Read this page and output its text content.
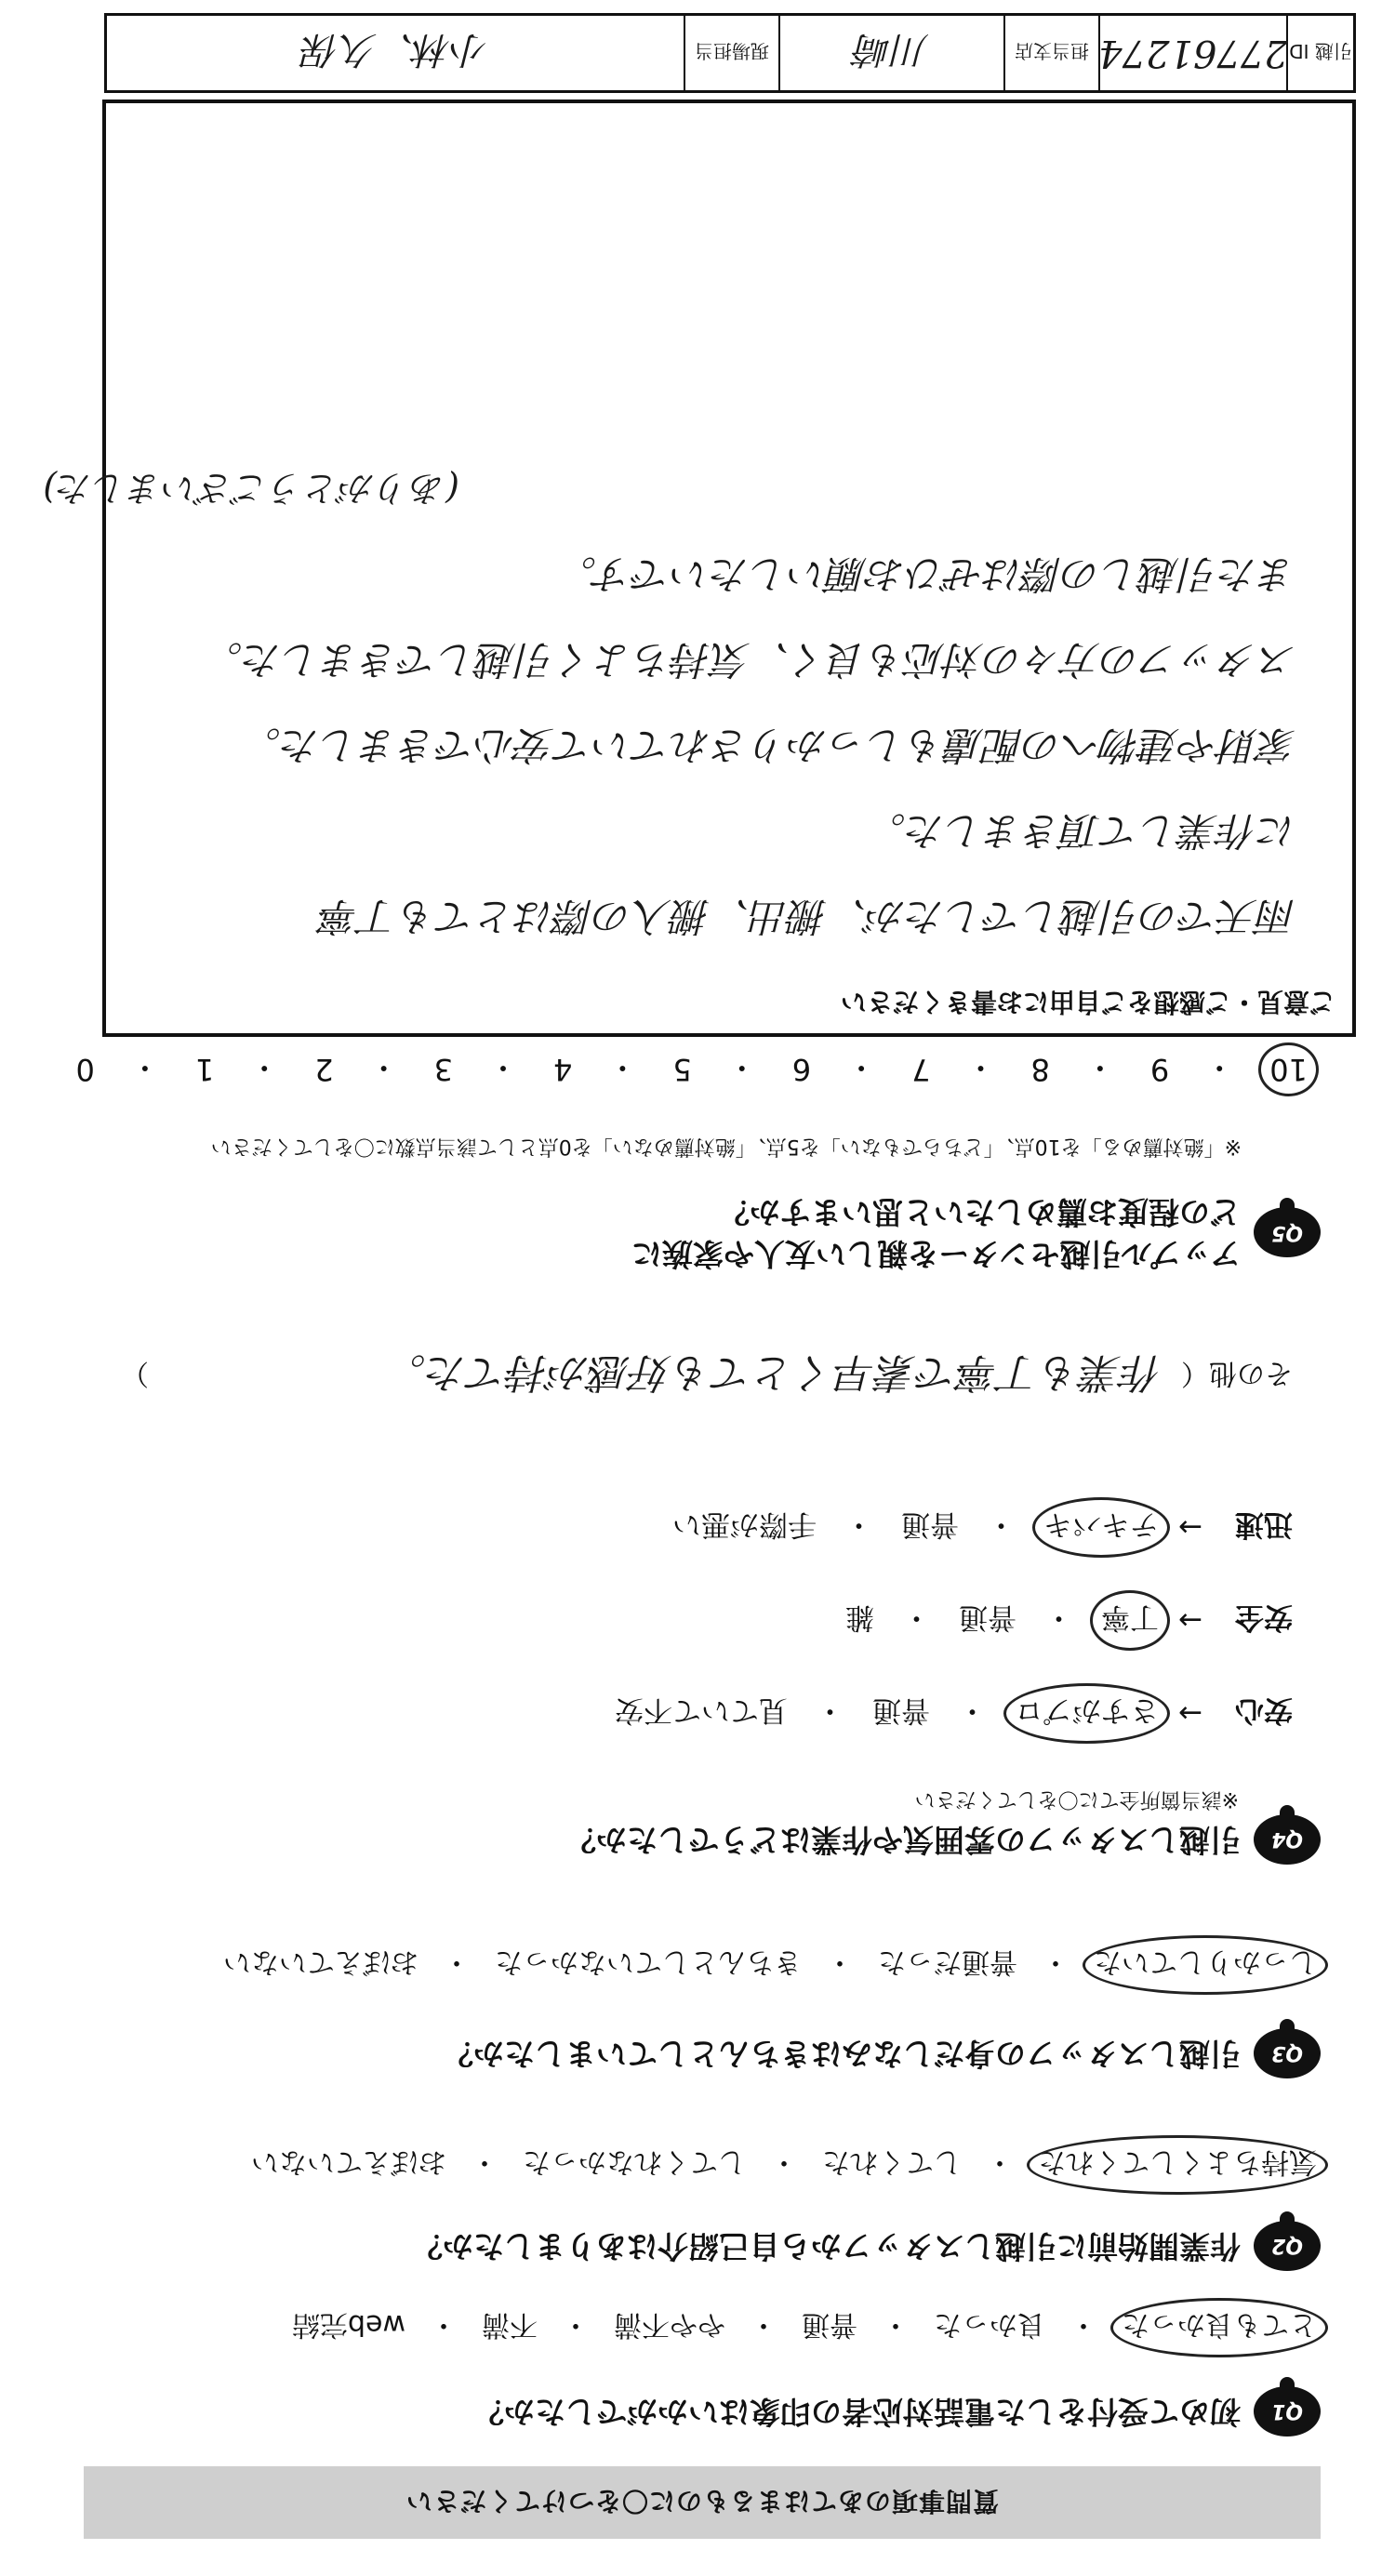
質問事項のあてはまるものに〇をつけてください
Q1
初めて受付をした電話対応者の印象はいかがでしたか？
とても良かった
・
良かった
・
普通
・
やや不満
・
不満
・
web完結
Q2
作業開始前に引越しスタッフから自己紹介はありましたか？
気持ちよくしてくれた
・
してくれた
・
してくれなかった
・
おぼえていない
Q3
引越しスタッフの身だしなみはきちんとしていましたか？
しっかりしていた
・
普通だった
・
きちんとしていなかった
・
おぼえていない
Q4
引越しスタッフの雰囲気や作業はどうでしたか？
※該当箇所全てに〇をしてください
安心
→
さすがプロ
・
普通
・
見ていて不安
安全
→
丁寧
・
普通
・
雑
迅速
→
テキパキ
・
普通
・
手際が悪い
その他（
作業も丁寧で素早くとても好感が持てた。
）
Q5
アップル引越センターを親しい友人や家族に
どの程度お薦めしたいと思いますか？
※「絶対薦める」を10点、「どちらでもない」を5点、「絶対薦めない」を0点として該当点数に〇をしてください
10
・
9
・
8
・
7
・
6
・
5
・
4
・
3
・
2
・
1
・
0
ご意見・ご感想をご自由にお書きください
雨天での引越しでしたが、搬出、搬入の際はとても丁寧
に作業して頂きました。
家財や建物への配慮もしっかりされていて安心できました。
スタッフの方々の対応も良く、気持ちよく引越しできました。
また引越しの際はぜひお願いしたいです。
(ありがとうございました)
引越 ID
27761274
担当支店
川崎
現場担当
小林、久保
